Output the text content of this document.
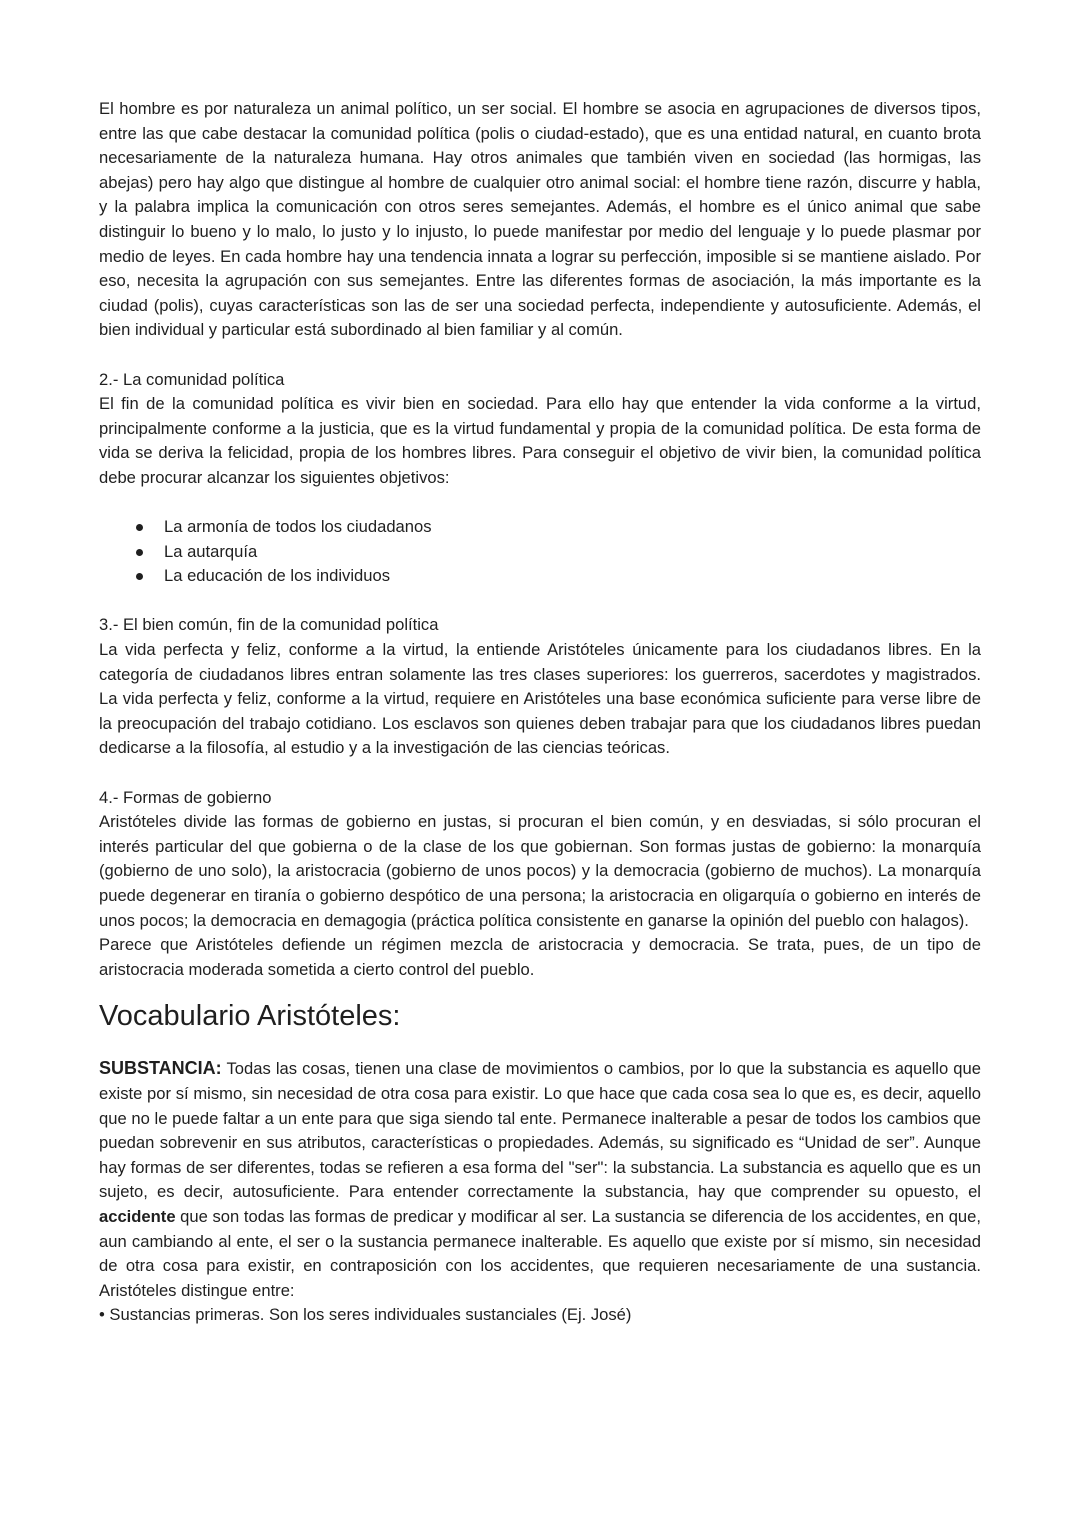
El hombre es por naturaleza un animal político, un ser social. El hombre se asocia en agrupaciones de diversos tipos, entre las que cabe destacar la comunidad política (polis o ciudad-estado), que es una entidad natural, en cuanto brota necesariamente de la naturaleza humana. Hay otros animales que también viven en sociedad (las hormigas, las abejas) pero hay algo que distingue al hombre de cualquier otro animal social: el hombre tiene razón, discurre y habla, y la palabra implica la comunicación con otros seres semejantes. Además, el hombre es el único animal que sabe distinguir lo bueno y lo malo, lo justo y lo injusto, lo puede manifestar por medio del lenguaje y lo puede plasmar por medio de leyes. En cada hombre hay una tendencia innata a lograr su perfección, imposible si se mantiene aislado. Por eso, necesita la agrupación con sus semejantes. Entre las diferentes formas de asociación, la más importante es la ciudad (polis), cuyas características son las de ser una sociedad perfecta, independiente y autosuficiente. Además, el bien individual y particular está subordinado al bien familiar y al común.

2.- La comunidad política

El fin de la comunidad política es vivir bien en sociedad. Para ello hay que entender la vida conforme a la virtud, principalmente conforme a la justicia, que es la virtud fundamental y propia de la comunidad política. De esta forma de vida se deriva la felicidad, propia de los hombres libres. Para conseguir el objetivo de vivir bien, la comunidad política debe procurar alcanzar los siguientes objetivos:

La armonía de todos los ciudadanos
La autarquía
La educación de los individuos
3.- El bien común, fin de la comunidad política

La vida perfecta y feliz, conforme a la virtud, la entiende Aristóteles únicamente para los ciudadanos libres. En la categoría de ciudadanos libres entran solamente las tres clases superiores: los guerreros, sacerdotes y magistrados. La vida perfecta y feliz, conforme a la virtud, requiere en Aristóteles una base económica suficiente para verse libre de la preocupación del trabajo cotidiano. Los esclavos son quienes deben trabajar para que los ciudadanos libres puedan dedicarse a la filosofía, al estudio y a la investigación de las ciencias teóricas.

4.- Formas de gobierno

Aristóteles divide las formas de gobierno en justas, si procuran el bien común, y en desviadas, si sólo procuran el interés particular del que gobierna o de la clase de los que gobiernan. Son formas justas de gobierno: la monarquía (gobierno de uno solo), la aristocracia (gobierno de unos pocos) y la democracia (gobierno de muchos). La monarquía puede degenerar en tiranía o gobierno despótico de una persona; la aristocracia en oligarquía o gobierno en interés de unos pocos; la democracia en demagogia (práctica política consistente en ganarse la opinión del pueblo con halagos).

Parece que Aristóteles defiende un régimen mezcla de aristocracia y democracia. Se trata, pues, de un tipo de aristocracia moderada sometida a cierto control del pueblo.

Vocabulario Aristóteles:

SUBSTANCIA: Todas las cosas, tienen una clase de movimientos o cambios, por lo que la substancia es aquello que existe por sí mismo, sin necesidad de otra cosa para existir. Lo que hace que cada cosa sea lo que es, es decir, aquello que no le puede faltar a un ente para que siga siendo tal ente. Permanece inalterable a pesar de todos los cambios que puedan sobrevenir en sus atributos, características o propiedades. Además, su significado es “Unidad de ser”. Aunque hay formas de ser diferentes, todas se refieren a esa forma del "ser": la substancia. La substancia es aquello que es un sujeto, es decir, autosuficiente. Para entender correctamente la substancia, hay que comprender su opuesto, el accidente que son todas las formas de predicar y modificar al ser. La sustancia se diferencia de los accidentes, en que, aun cambiando al ente, el ser o la sustancia permanece inalterable. Es aquello que existe por sí mismo, sin necesidad de otra cosa para existir, en contraposición con los accidentes, que requieren necesariamente de una sustancia. Aristóteles distingue entre:

• Sustancias primeras. Son los seres individuales sustanciales (Ej. José)
